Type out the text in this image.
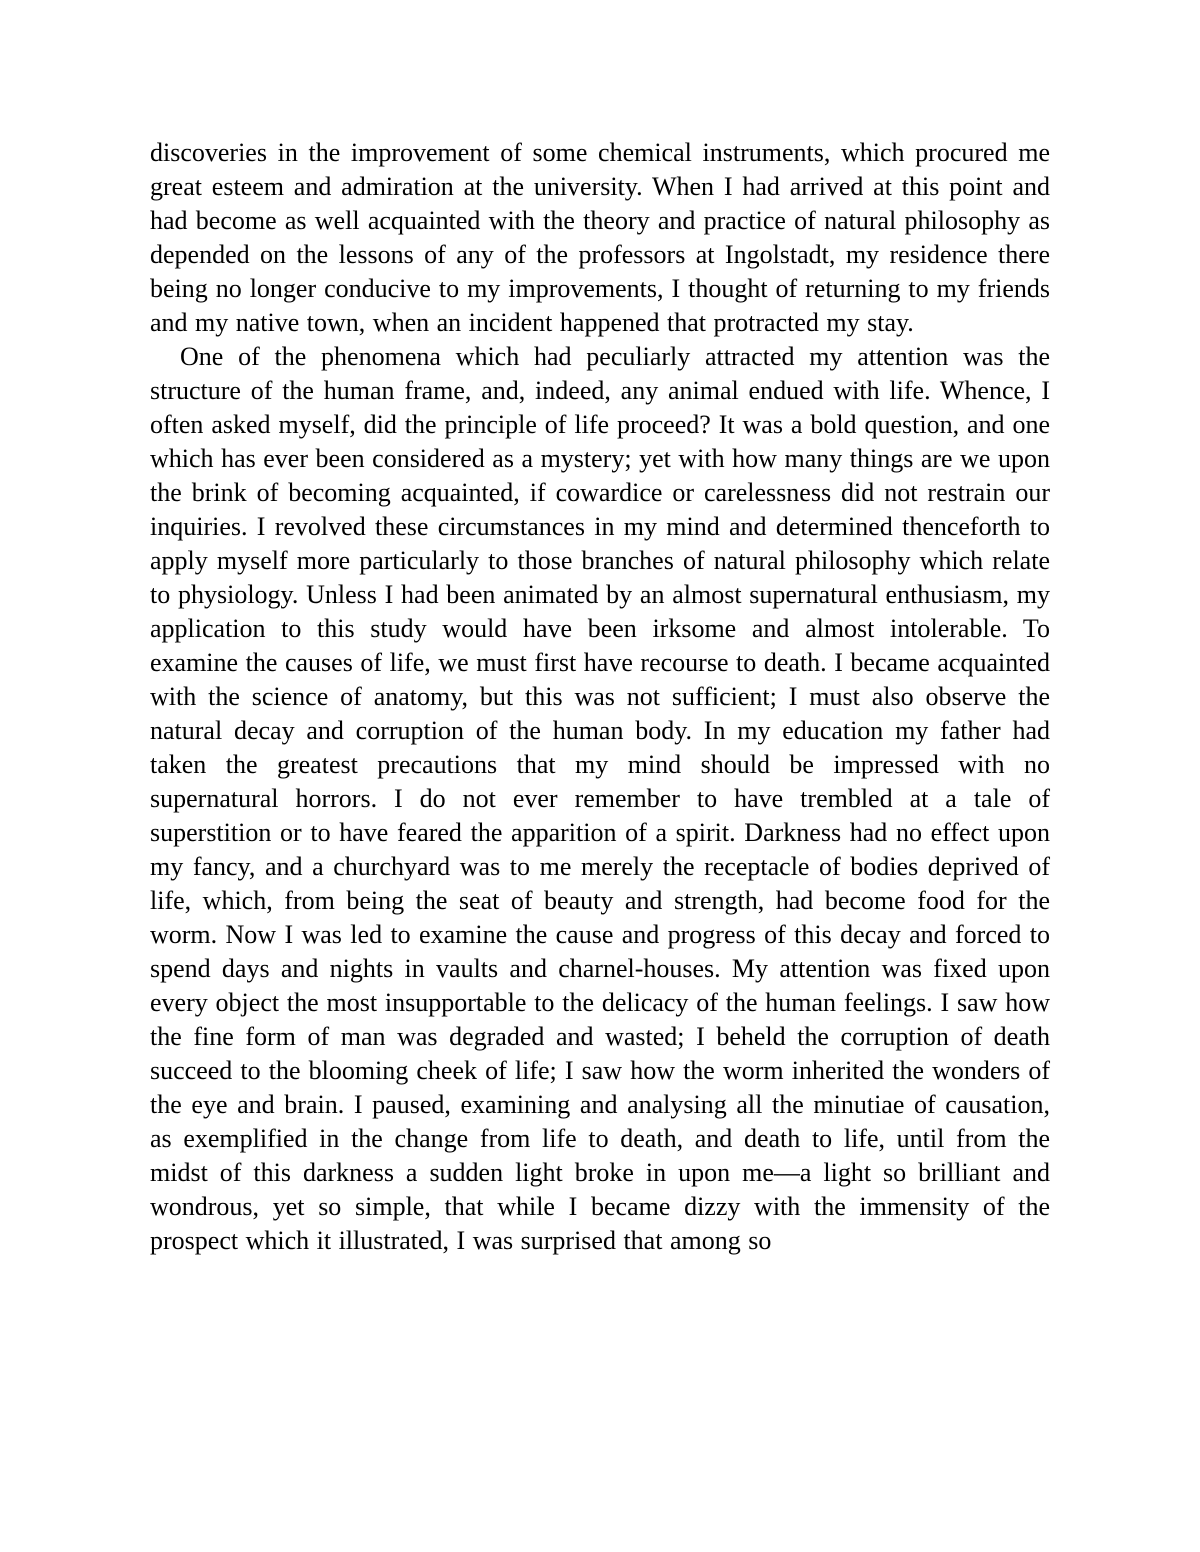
discoveries in the improvement of some chemical instruments, which procured me great esteem and admiration at the university. When I had arrived at this point and had become as well acquainted with the theory and practice of natural philosophy as depended on the lessons of any of the professors at Ingolstadt, my residence there being no longer conducive to my improvements, I thought of returning to my friends and my native town, when an incident happened that protracted my stay.

One of the phenomena which had peculiarly attracted my attention was the structure of the human frame, and, indeed, any animal endued with life. Whence, I often asked myself, did the principle of life proceed? It was a bold question, and one which has ever been considered as a mystery; yet with how many things are we upon the brink of becoming acquainted, if cowardice or carelessness did not restrain our inquiries. I revolved these circumstances in my mind and determined thenceforth to apply myself more particularly to those branches of natural philosophy which relate to physiology. Unless I had been animated by an almost supernatural enthusiasm, my application to this study would have been irksome and almost intolerable. To examine the causes of life, we must first have recourse to death. I became acquainted with the science of anatomy, but this was not sufficient; I must also observe the natural decay and corruption of the human body. In my education my father had taken the greatest precautions that my mind should be impressed with no supernatural horrors. I do not ever remember to have trembled at a tale of superstition or to have feared the apparition of a spirit. Darkness had no effect upon my fancy, and a churchyard was to me merely the receptacle of bodies deprived of life, which, from being the seat of beauty and strength, had become food for the worm. Now I was led to examine the cause and progress of this decay and forced to spend days and nights in vaults and charnel-houses. My attention was fixed upon every object the most insupportable to the delicacy of the human feelings. I saw how the fine form of man was degraded and wasted; I beheld the corruption of death succeed to the blooming cheek of life; I saw how the worm inherited the wonders of the eye and brain. I paused, examining and analysing all the minutiae of causation, as exemplified in the change from life to death, and death to life, until from the midst of this darkness a sudden light broke in upon me—a light so brilliant and wondrous, yet so simple, that while I became dizzy with the immensity of the prospect which it illustrated, I was surprised that among so
